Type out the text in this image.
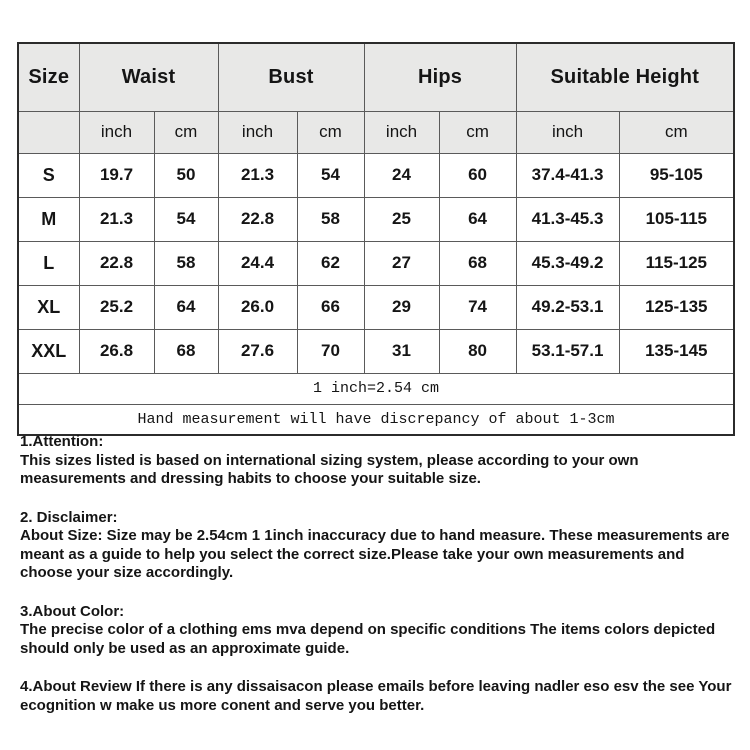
Size	Waist		Bust		Hips		Suitable Height	
	inch	cm	inch	cm	inch	cm	inch	cm
S	19.7	50	21.3	54	24	60	37.4-41.3	95-105
M	21.3	54	22.8	58	25	64	41.3-45.3	105-115
L	22.8	58	24.4	62	27	68	45.3-49.2	115-125
XL	25.2	64	26.0	66	29	74	49.2-53.1	125-135
XXL	26.8	68	27.6	70	31	80	53.1-57.1	135-145
1 inch=2.54 cm								
Hand measurement will have discrepancy of about 1-3cm								
1.Attention:
This sizes listed is based on international sizing system, please according to your own measurements and dressing habits to choose your suitable size.
2. Disclaimer:
About Size: Size may be 2.54cm 1 1inch inaccuracy due to hand measure. These measurements are meant as a guide to help you select the correct size.Please take your own measurements and choose your size accordingly.
3.About Color:
The precise color of a clothing ems mva depend on specific conditions The items colors depicted should only be used as an approximate guide.
4.About Review If there is any dissaisacon please emails before leaving nadler eso esv the see Your ecognition w make us more conent and serve you better.
